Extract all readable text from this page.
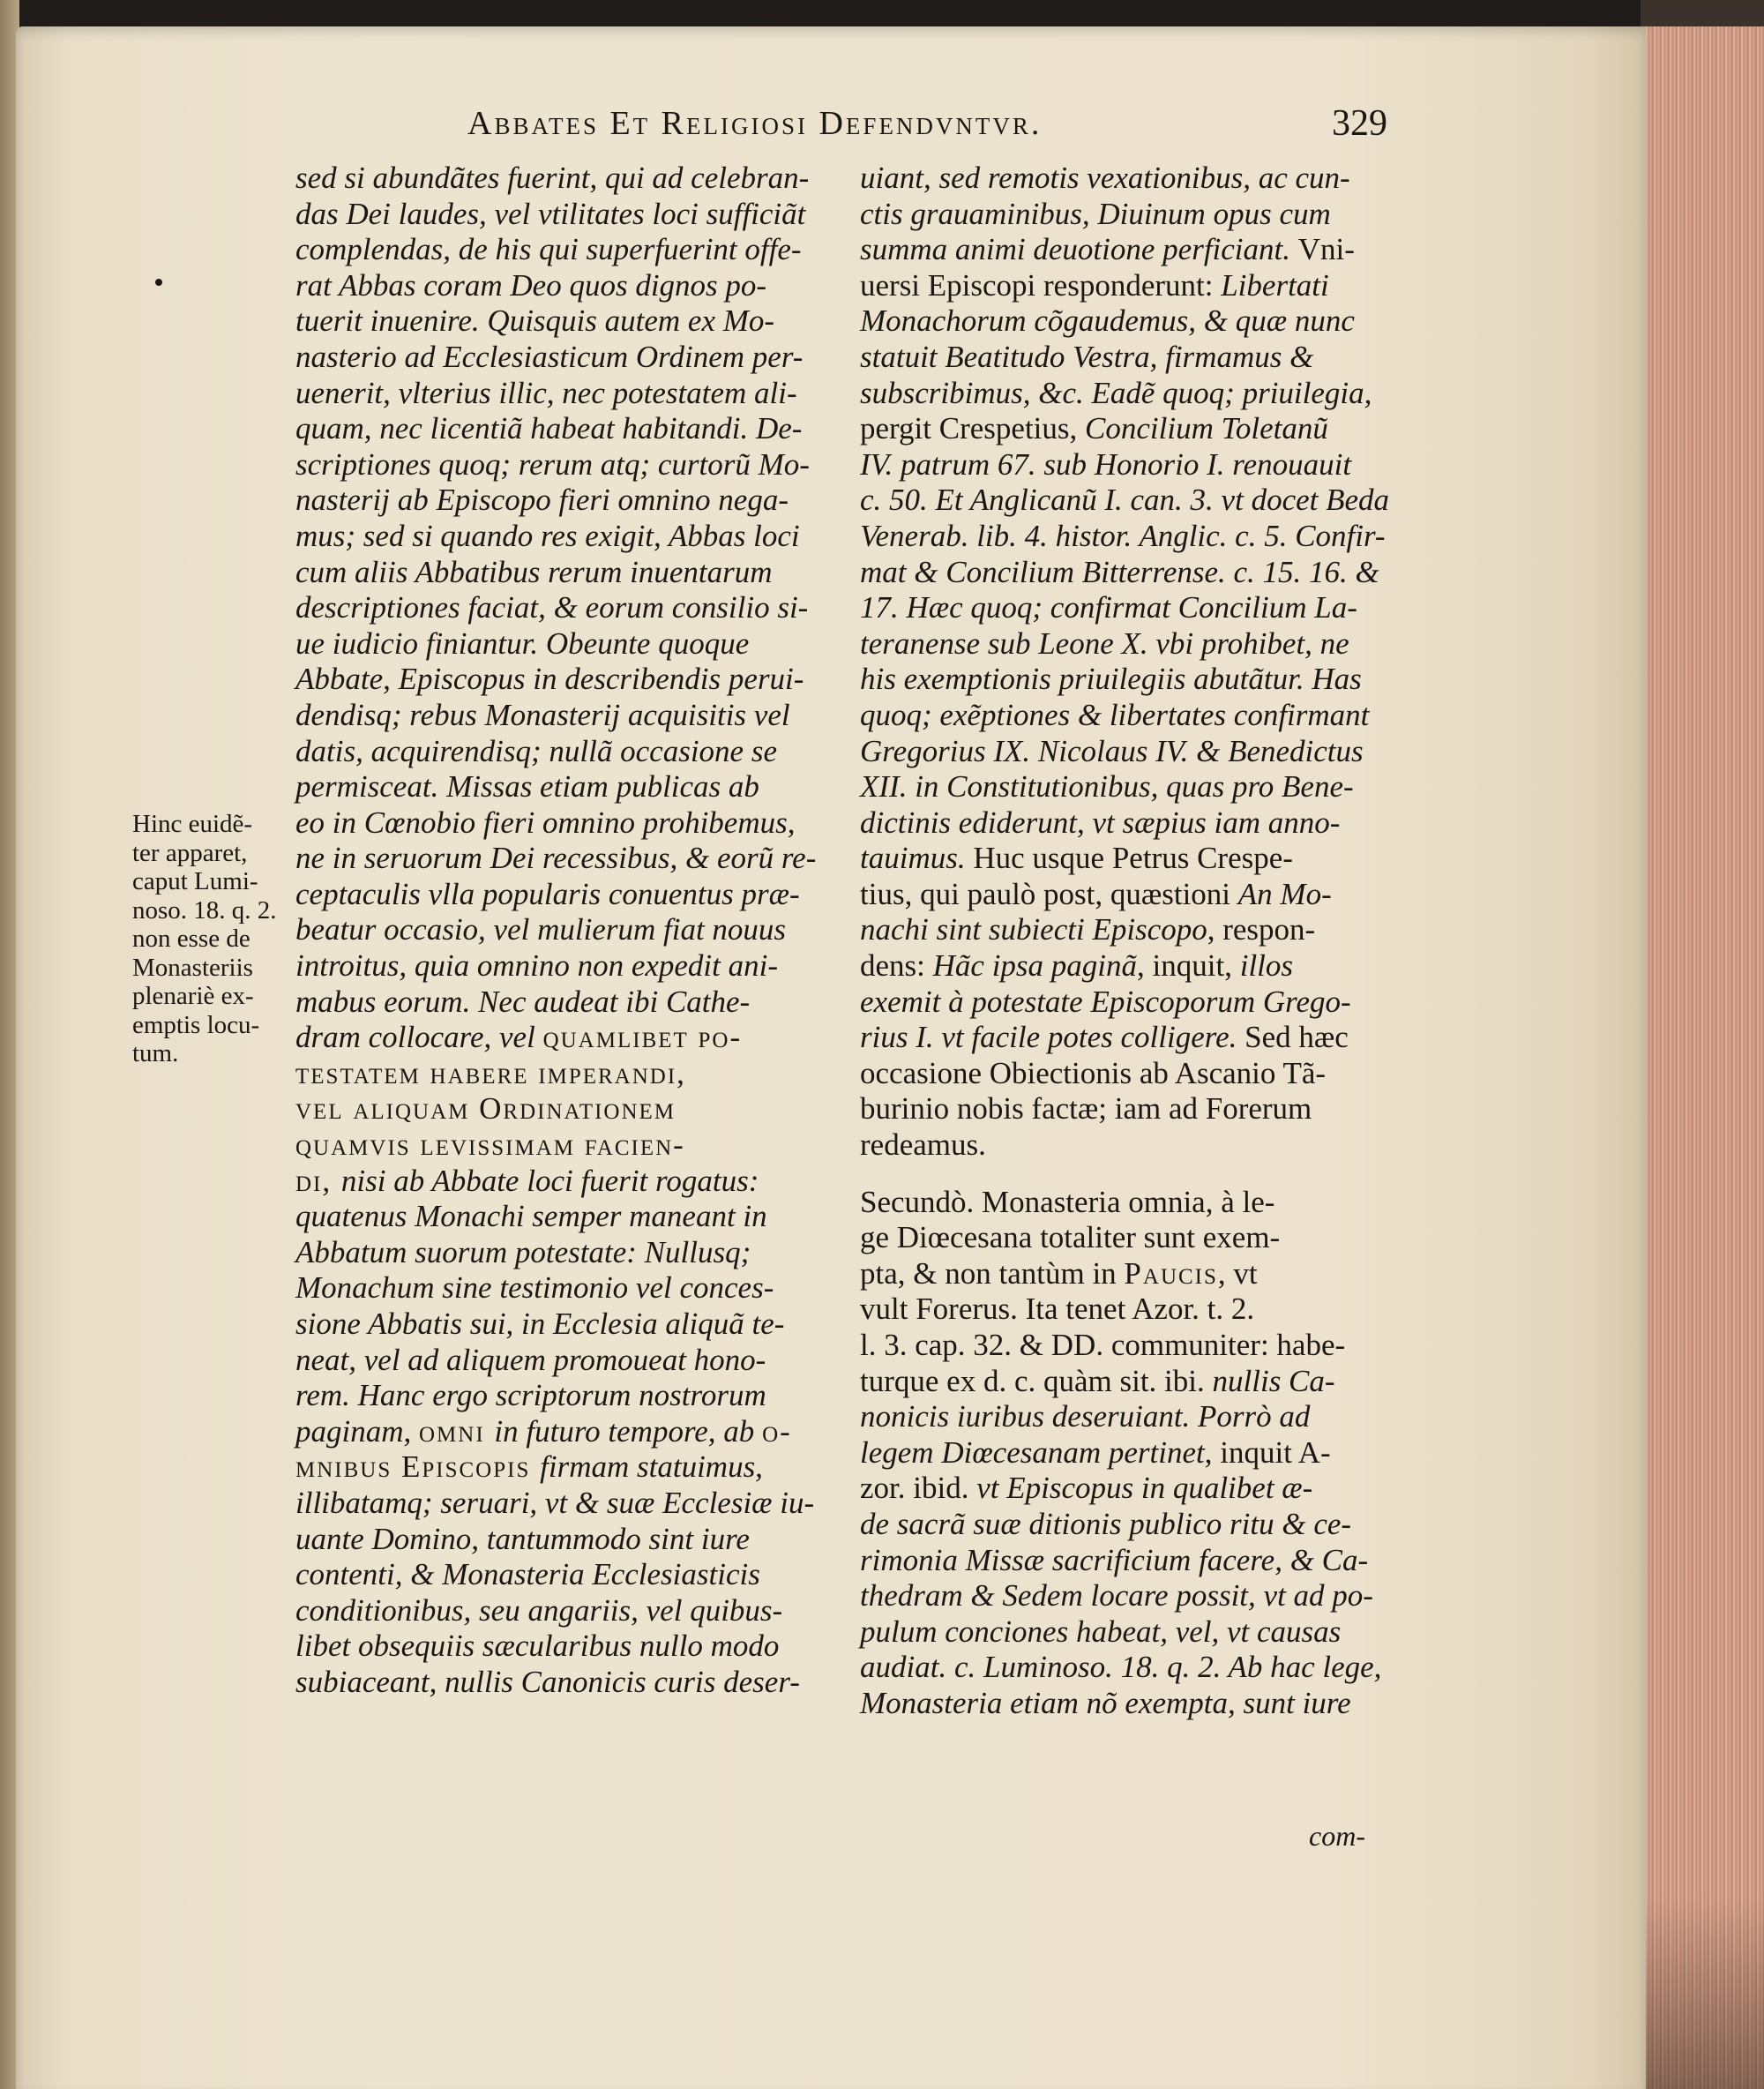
Abbates Et Religiosi Defendvntvr.	329
Hinc euidẽ-
ter apparet,
caput Lumi-
noso. 18. q. 2.
non esse de
Monasteriis
plenariè ex-
emptis locu-
tum.
sed si abundãtes fuerint, qui ad celebran-
das Dei laudes, vel vtilitates loci sufficiãt
complendas, de his qui superfuerint offe-
rat Abbas coram Deo quos dignos po-
tuerit inuenire. Quisquis autem ex Mo-
nasterio ad Ecclesiasticum Ordinem per-
uenerit, vlterius illic, nec potestatem ali-
quam, nec licentiã habeat habitandi. De-
scriptiones quoq; rerum atq; curtorũ Mo-
nasterij ab Episcopo fieri omnino nega-
mus; sed si quando res exigit, Abbas loci
cum aliis Abbatibus rerum inuentarum
descriptiones faciat, & eorum consilio si-
ue iudicio finiantur. Obeunte quoque
Abbate, Episcopus in describendis perui-
dendisq; rebus Monasterij acquisitis vel
datis, acquirendisq; nullã occasione se
permisceat. Missas etiam publicas ab
eo in Cœnobio fieri omnino prohibemus,
ne in seruorum Dei recessibus, & eorũ re-
ceptaculis vlla popularis conuentus præ-
beatur occasio, vel mulierum fiat nouus
introitus, quia omnino non expedit ani-
mabus eorum. Nec audeat ibi Cathe-
dram collocare, vel quamlibet po-
testatem habere imperandi,
vel aliquam Ordinationem
quamvis levissimam facien-
di, nisi ab Abbate loci fuerit rogatus:
quatenus Monachi semper maneant in
Abbatum suorum potestate: Nullusq;
Monachum sine testimonio vel conces-
sione Abbatis sui, in Ecclesia aliquã te-
neat, vel ad aliquem promoueat hono-
rem. Hanc ergo scriptorum nostrorum
paginam, omni in futuro tempore, ab o-
mnibus Episcopis firmam statuimus,
illibatamq; seruari, vt & suæ Ecclesiæ iu-
uante Domino, tantummodo sint iure
contenti, & Monasteria Ecclesiasticis
conditionibus, seu angariis, vel quibus-
libet obsequiis sæcularibus nullo modo
subiaceant, nullis Canonicis curis deser-
uiant, sed remotis vexationibus, ac cun-
ctis grauaminibus, Diuinum opus cum
summa animi deuotione perficiant. Vni-
uersi Episcopi responderunt: Libertati
Monachorum cõgaudemus, & quæ nunc
statuit Beatitudo Vestra, firmamus &
subscribimus, &c. Eadẽ quoq; priuilegia,
pergit Crespetius, Concilium Toletanũ
IV. patrum 67. sub Honorio I. renouauit
c. 50. Et Anglicanũ I. can. 3. vt docet Beda
Venerab. lib. 4. histor. Anglic. c. 5. Confir-
mat & Concilium Bitterrense. c. 15. 16. &
17. Hæc quoq; confirmat Concilium La-
teranense sub Leone X. vbi prohibet, ne
his exemptionis priuilegiis abutãtur. Has
quoq; exẽptiones & libertates confirmant
Gregorius IX. Nicolaus IV. & Benedictus
XII. in Constitutionibus, quas pro Bene-
dictinis ediderunt, vt sæpius iam anno-
tauimus. Huc usque Petrus Crespe-
tius, qui paulò post, quæstioni An Mo-
nachi sint subiecti Episcopo, respon-
dens: Hãc ipsa paginã, inquit, illos
exemit à potestate Episcoporum Grego-
rius I. vt facile potes colligere. Sed hæc
occasione Obiectionis ab Ascanio Tã-
burinio nobis factæ; iam ad Forerum
redeamus.
Secundò. Monasteria omnia, à le-
ge Diœcesana totaliter sunt exem-
pta, & non tantùm in Paucis, vt
vult Forerus. Ita tenet Azor. t. 2.
l. 3. cap. 32. & DD. communiter: habe-
turque ex d. c. quàm sit. ibi. nullis Ca-
nonicis iuribus deseruiant. Porrò ad
legem Diœcesanam pertinet, inquit A-
zor. ibid. vt Episcopus in qualibet æ-
de sacrã suæ ditionis publico ritu & ce-
rimonia Missæ sacrificium facere, & Ca-
thedram & Sedem locare possit, vt ad po-
pulum conciones habeat, vel, vt causas
audiat. c. Luminoso. 18. q. 2. Ab hac lege,
Monasteria etiam nõ exempta, sunt iure
com-
